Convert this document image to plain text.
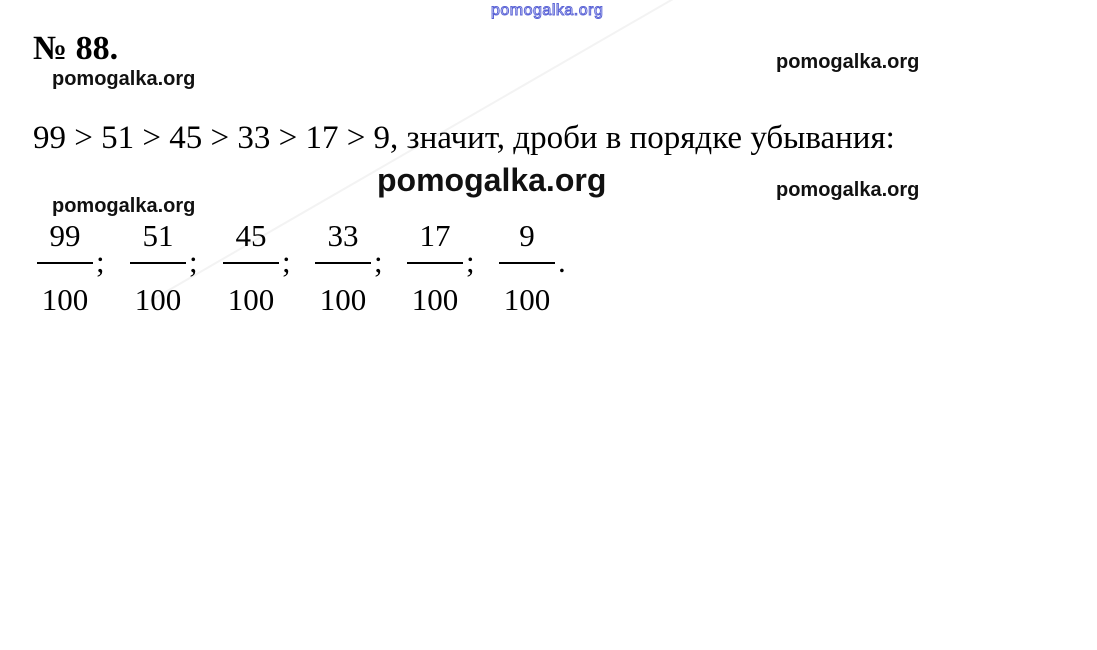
pomogalka.org
№ 88.
pomogalka.org
pomogalka.org
99 > 51 > 45 > 33 > 17 > 9, значит, дроби в порядке убывания:
pomogalka.org	pomogalka.org
pomogalka.org
99
100
;
51
100
;
45
100
;
33
100
;
17
100
;
9
100
.
